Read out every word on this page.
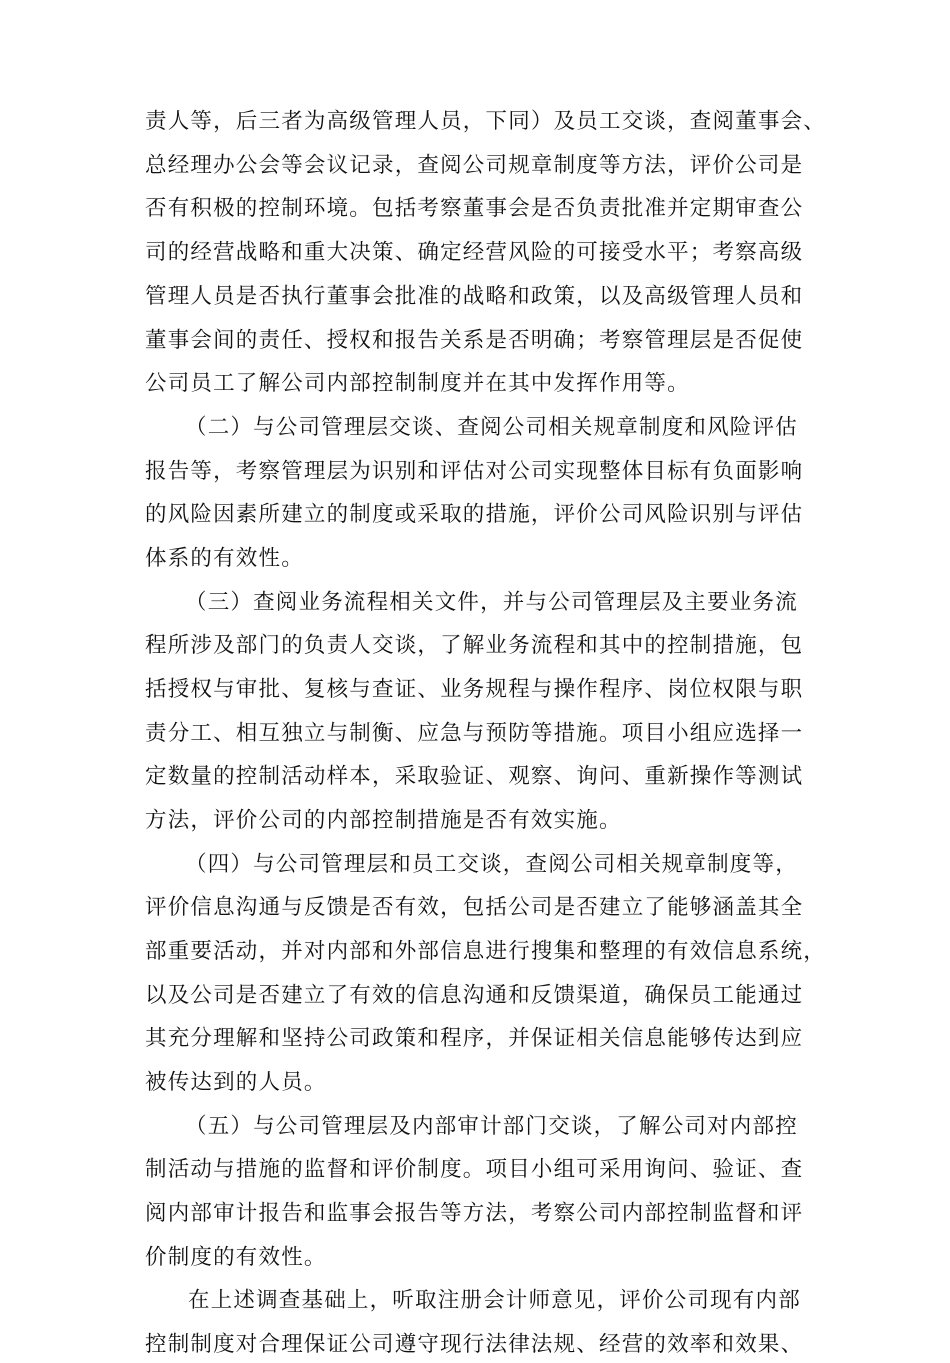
责人等，后三者为高级管理人员，下同）及员工交谈，查阅董事会、
总经理办公会等会议记录，查阅公司规章制度等方法，评价公司是
否有积极的控制环境。包括考察董事会是否负责批准并定期审查公
司的经营战略和重大决策、确定经营风险的可接受水平；考察高级
管理人员是否执行董事会批准的战略和政策，以及高级管理人员和
董事会间的责任、授权和报告关系是否明确；考察管理层是否促使
公司员工了解公司内部控制制度并在其中发挥作用等。
（二）与公司管理层交谈、查阅公司相关规章制度和风险评估
报告等，考察管理层为识别和评估对公司实现整体目标有负面影响
的风险因素所建立的制度或采取的措施，评价公司风险识别与评估
体系的有效性。
（三）查阅业务流程相关文件，并与公司管理层及主要业务流
程所涉及部门的负责人交谈，了解业务流程和其中的控制措施，包
括授权与审批、复核与查证、业务规程与操作程序、岗位权限与职
责分工、相互独立与制衡、应急与预防等措施。项目小组应选择一
定数量的控制活动样本，采取验证、观察、询问、重新操作等测试
方法，评价公司的内部控制措施是否有效实施。
（四）与公司管理层和员工交谈，查阅公司相关规章制度等，
评价信息沟通与反馈是否有效，包括公司是否建立了能够涵盖其全
部重要活动，并对内部和外部信息进行搜集和整理的有效信息系统，
以及公司是否建立了有效的信息沟通和反馈渠道，确保员工能通过
其充分理解和坚持公司政策和程序，并保证相关信息能够传达到应
被传达到的人员。
（五）与公司管理层及内部审计部门交谈，了解公司对内部控
制活动与措施的监督和评价制度。项目小组可采用询问、验证、查
阅内部审计报告和监事会报告等方法，考察公司内部控制监督和评
价制度的有效性。
在上述调查基础上，听取注册会计师意见，评价公司现有内部
控制制度对合理保证公司遵守现行法律法规、经营的效率和效果、
